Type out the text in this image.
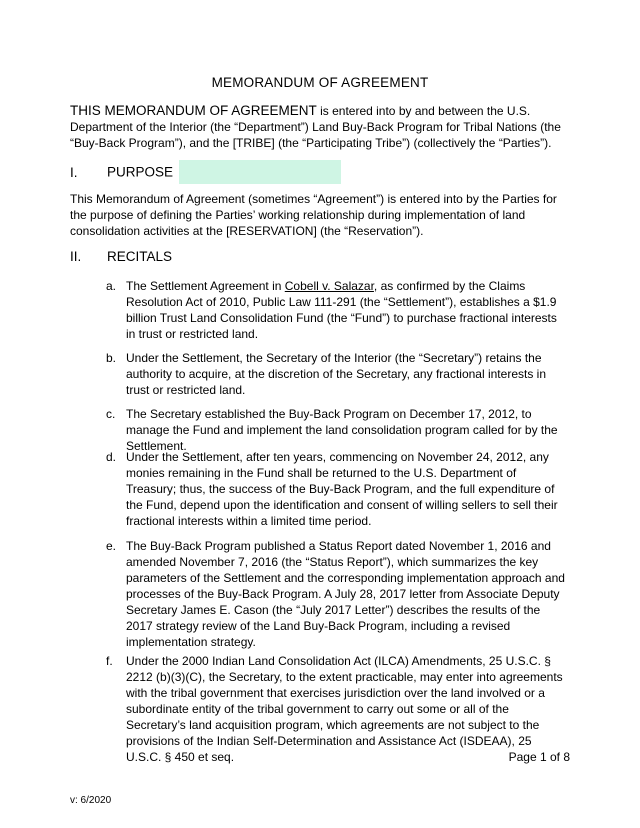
MEMORANDUM OF AGREEMENT
THIS MEMORANDUM OF AGREEMENT is entered into by and between the U.S. Department of the Interior (the “Department”) Land Buy-Back Program for Tribal Nations (the “Buy-Back Program”), and the [TRIBE] (the “Participating Tribe”) (collectively the “Parties”).
I. PURPOSE
This Memorandum of Agreement (sometimes “Agreement”) is entered into by the Parties for the purpose of defining the Parties’ working relationship during implementation of land consolidation activities at the [RESERVATION] (the “Reservation”).
II. RECITALS
a. The Settlement Agreement in Cobell v. Salazar, as confirmed by the Claims Resolution Act of 2010, Public Law 111-291 (the “Settlement”), establishes a $1.9 billion Trust Land Consolidation Fund (the “Fund”) to purchase fractional interests in trust or restricted land.
b. Under the Settlement, the Secretary of the Interior (the “Secretary”) retains the authority to acquire, at the discretion of the Secretary, any fractional interests in trust or restricted land.
c. The Secretary established the Buy-Back Program on December 17, 2012, to manage the Fund and implement the land consolidation program called for by the Settlement.
d. Under the Settlement, after ten years, commencing on November 24, 2012, any monies remaining in the Fund shall be returned to the U.S. Department of Treasury; thus, the success of the Buy-Back Program, and the full expenditure of the Fund, depend upon the identification and consent of willing sellers to sell their fractional interests within a limited time period.
e. The Buy-Back Program published a Status Report dated November 1, 2016 and amended November 7, 2016 (the “Status Report”), which summarizes the key parameters of the Settlement and the corresponding implementation approach and processes of the Buy-Back Program. A July 28, 2017 letter from Associate Deputy Secretary James E. Cason (the “July 2017 Letter”) describes the results of the 2017 strategy review of the Land Buy-Back Program, including a revised implementation strategy.
f. Under the 2000 Indian Land Consolidation Act (ILCA) Amendments, 25 U.S.C. § 2212 (b)(3)(C), the Secretary, to the extent practicable, may enter into agreements with the tribal government that exercises jurisdiction over the land involved or a subordinate entity of the tribal government to carry out some or all of the Secretary’s land acquisition program, which agreements are not subject to the provisions of the Indian Self-Determination and Assistance Act (ISDEAA), 25 U.S.C. § 450 et seq.	Page 1 of 8
v: 6/2020
